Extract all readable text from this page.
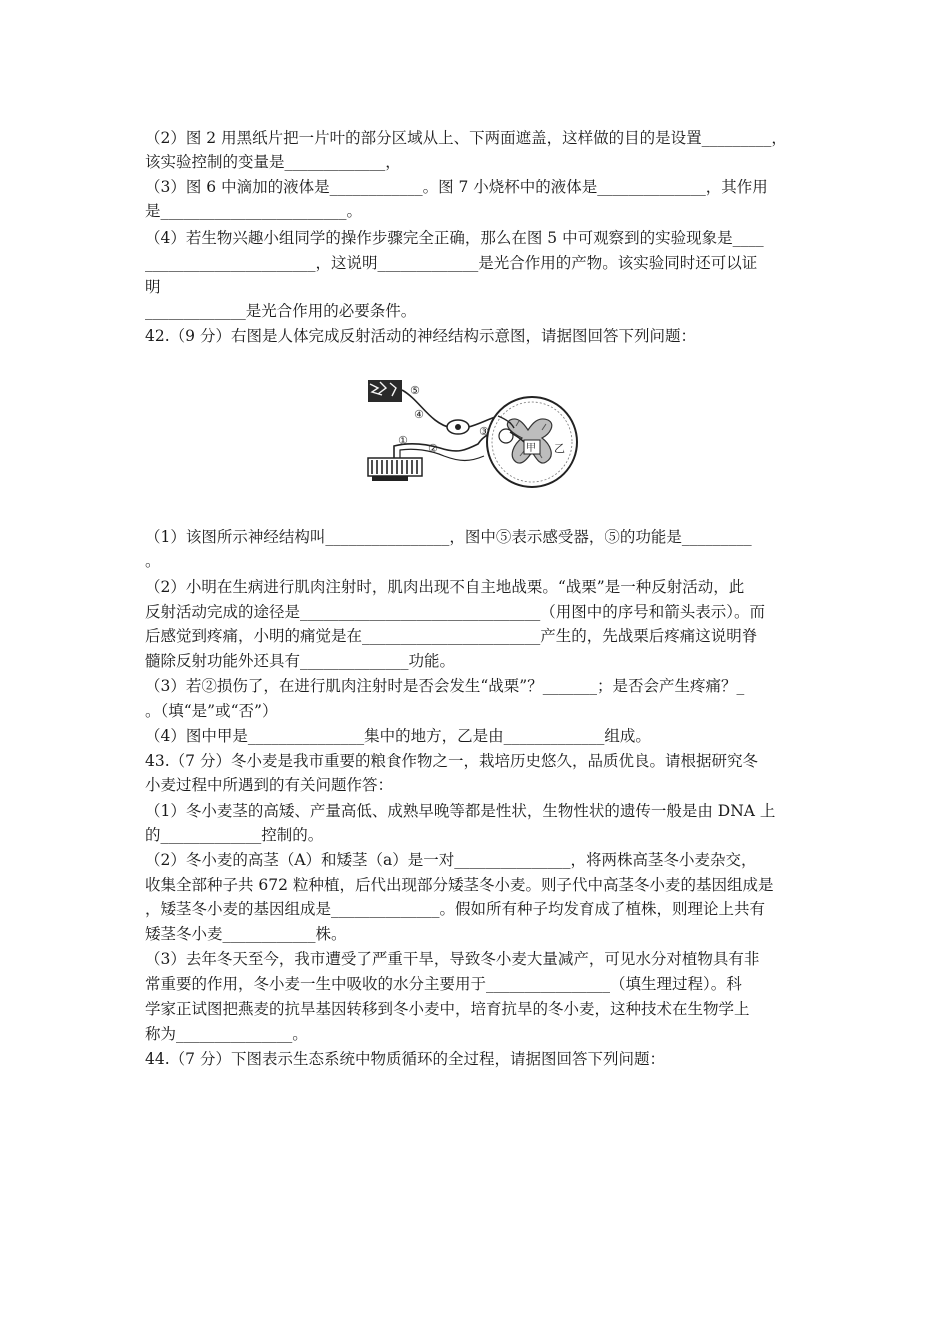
（2）图 2 用黑纸片把一片叶的部分区域从上、下两面遮盖，这样做的目的是设置_________，
该实验控制的变量是_____________，
（3）图 6 中滴加的液体是____________。图 7 小烧杯中的液体是______________，其作用
是________________________。
（4）若生物兴趣小组同学的操作步骤完全正确，那么在图 5 中可观察到的实验现象是____
______________________，这说明_____________是光合作用的产物。该实验同时还可以证
明
_____________是光合作用的必要条件。
42.（9 分）右图是人体完成反射活动的神经结构示意图，请据图回答下列问题：
⑤
④
①
②
③
甲 乙
（1）该图所示神经结构叫________________，图中⑤表示感受器，⑤的功能是_________
。
（2）小明在生病进行肌肉注射时，肌肉出现不自主地战栗。“战栗”是一种反射活动，此
反射活动完成的途径是_______________________________（用图中的序号和箭头表示）。而
后感觉到疼痛，小明的痛觉是在_______________________产生的，先战栗后疼痛这说明脊
髓除反射功能外还具有______________功能。
（3）若②损伤了，在进行肌肉注射时是否会发生“战栗”？_______；是否会产生疼痛？_
。（填“是”或“否”）
（4）图中甲是_______________集中的地方，乙是由_____________组成。
43.（7 分）冬小麦是我市重要的粮食作物之一，栽培历史悠久，品质优良。请根据研究冬
小麦过程中所遇到的有关问题作答：
（1）冬小麦茎的高矮、产量高低、成熟早晚等都是性状，生物性状的遗传一般是由 DNA 上
的_____________控制的。
（2）冬小麦的高茎（A）和矮茎（a）是一对_______________，将两株高茎冬小麦杂交，
收集全部种子共 672 粒种植，后代出现部分矮茎冬小麦。则子代中高茎冬小麦的基因组成是
，矮茎冬小麦的基因组成是______________。假如所有种子均发育成了植株，则理论上共有
矮茎冬小麦____________株。
（3）去年冬天至今，我市遭受了严重干旱，导致冬小麦大量减产，可见水分对植物具有非
常重要的作用，冬小麦一生中吸收的水分主要用于________________（填生理过程）。科
学家正试图把燕麦的抗旱基因转移到冬小麦中，培育抗旱的冬小麦，这种技术在生物学上
称为_______________。
44.（7 分）下图表示生态系统中物质循环的全过程，请据图回答下列问题：
